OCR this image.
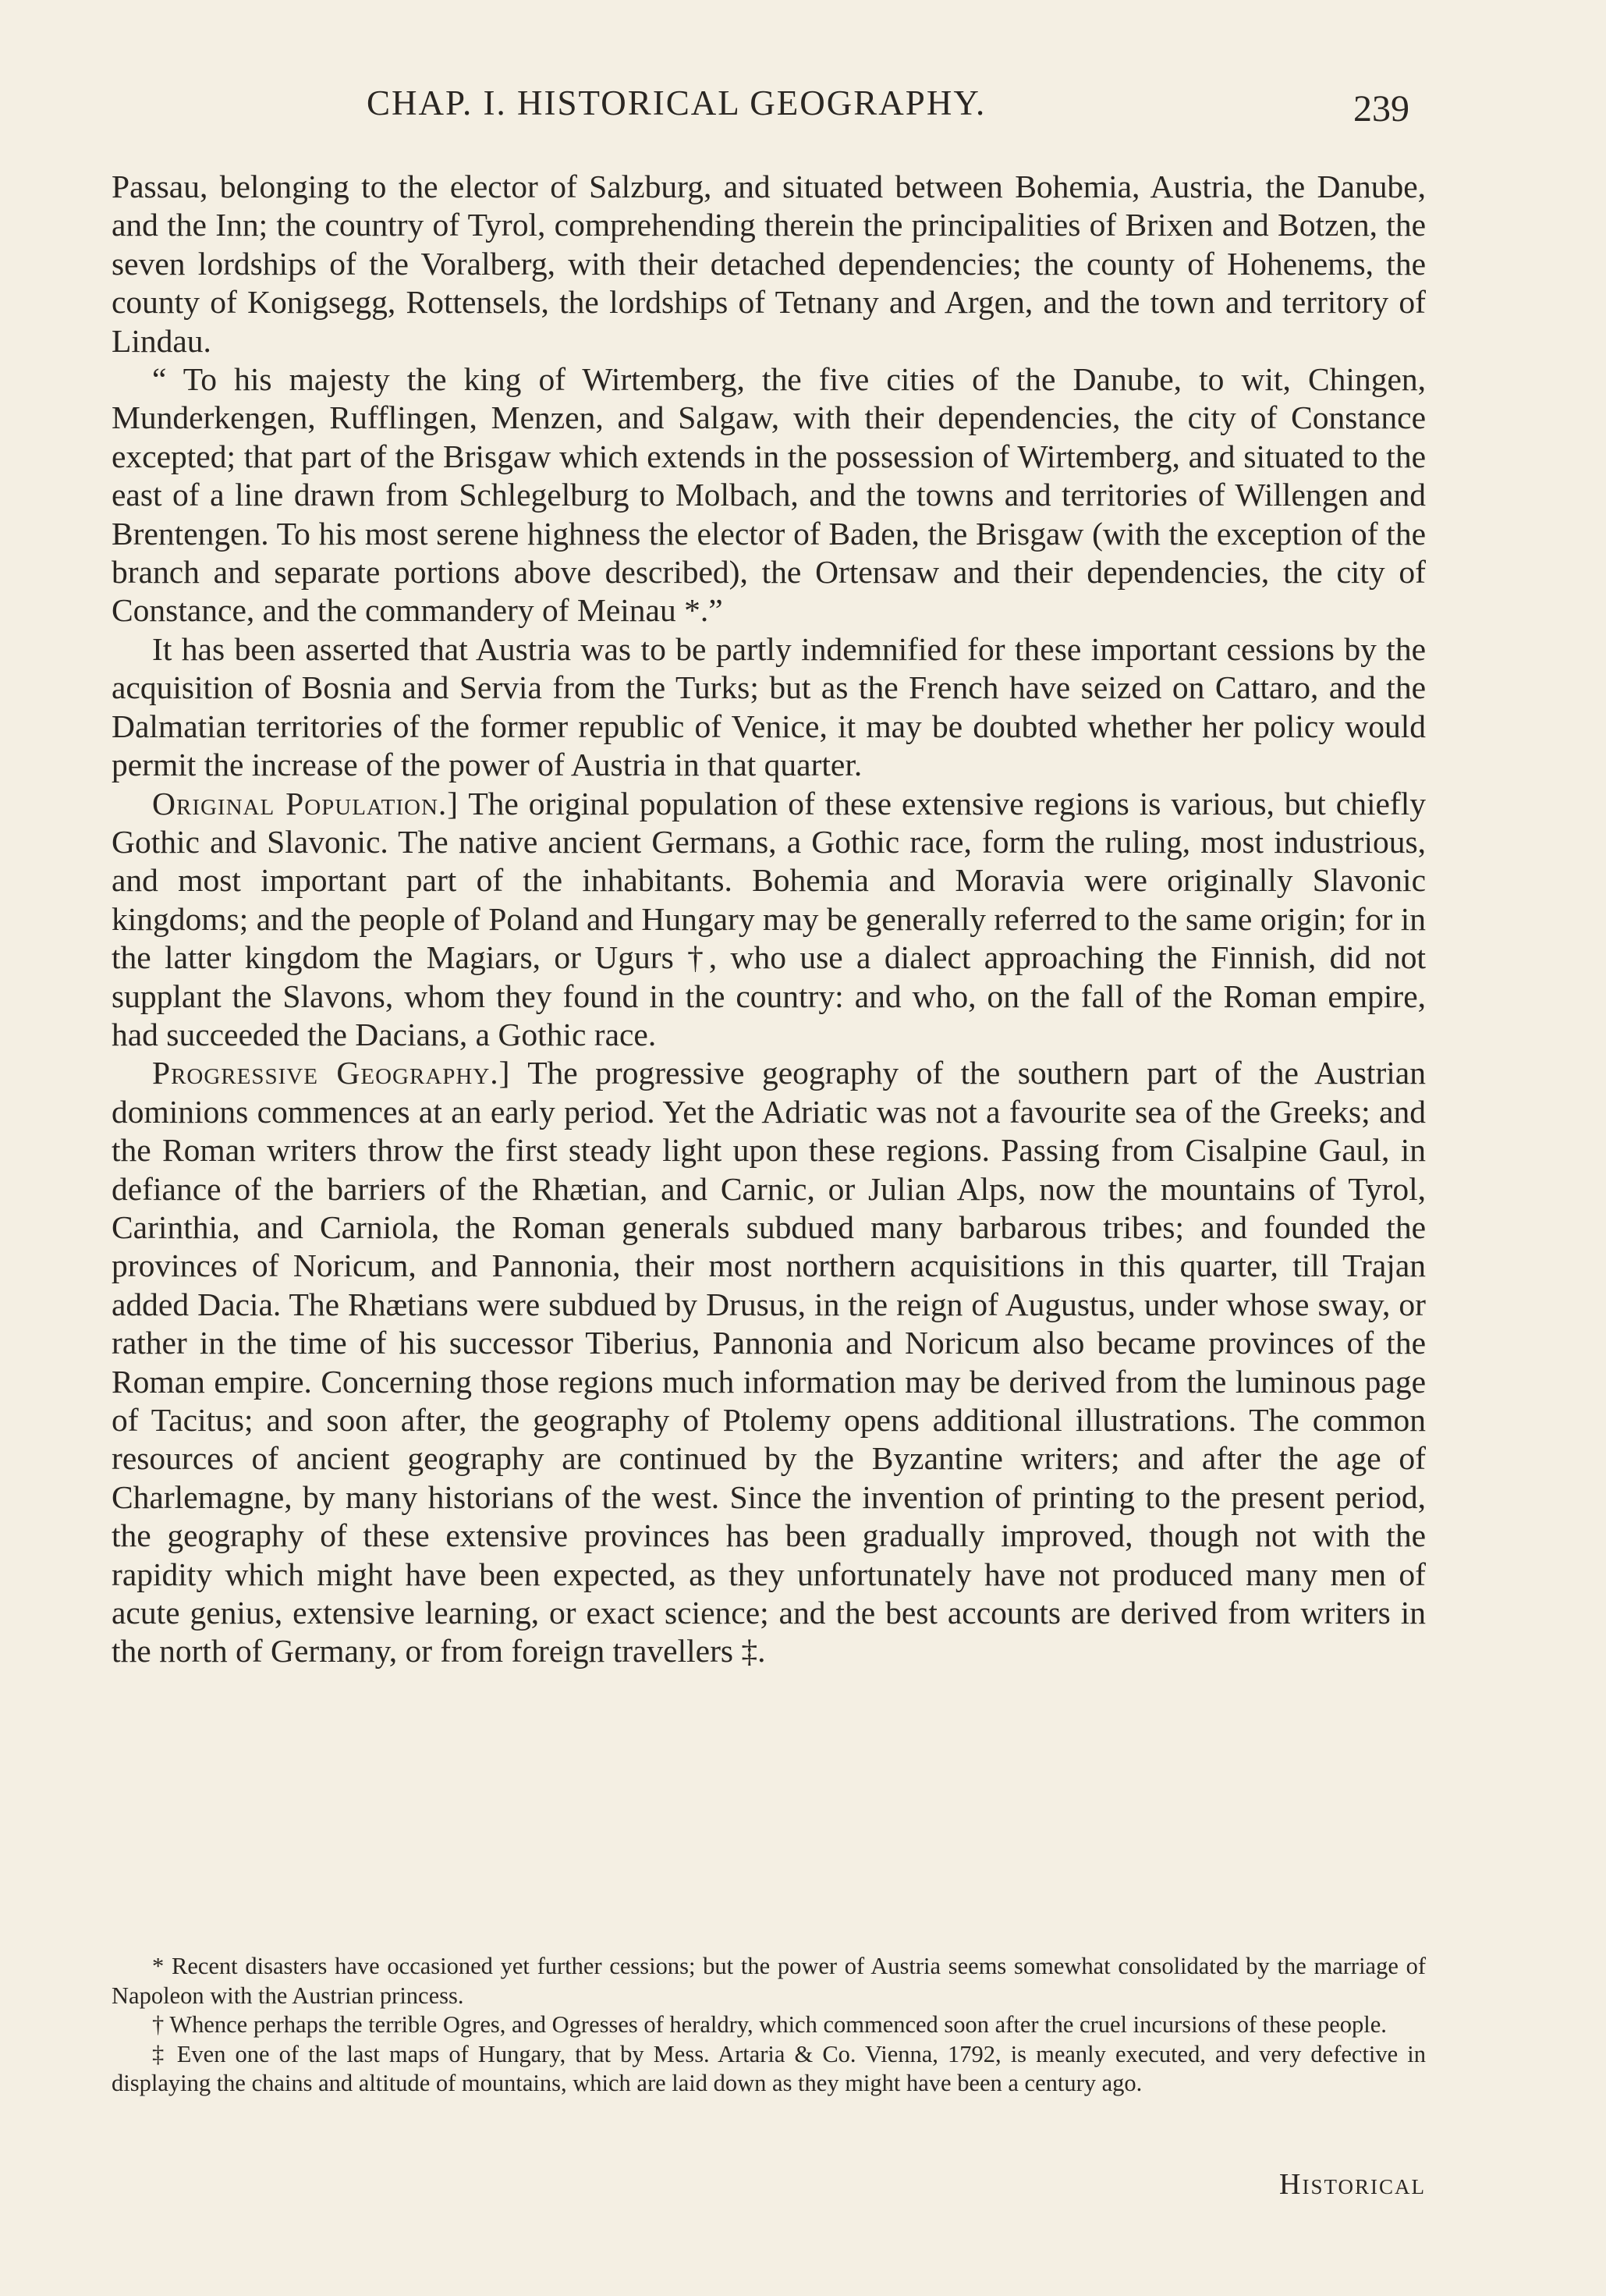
CHAP. I. HISTORICAL GEOGRAPHY.	239

Passau, belonging to the elector of Salzburg, and situated between Bohemia, Austria, the Danube, and the Inn; the country of Tyrol, comprehending therein the principalities of Brixen and Botzen, the seven lordships of the Voralberg, with their detached dependencies; the county of Hohenems, the county of Konigsegg, Rottensels, the lordships of Tetnany and Argen, and the town and territory of Lindau.

“ To his majesty the king of Wirtemberg, the five cities of the Danube, to wit, Chingen, Munderkengen, Rufflingen, Menzen, and Salgaw, with their dependencies, the city of Constance excepted; that part of the Brisgaw which extends in the possession of Wirtemberg, and situated to the east of a line drawn from Schlegelburg to Molbach, and the towns and territories of Willengen and Brentengen. To his most serene highness the elector of Baden, the Brisgaw (with the exception of the branch and separate portions above described), the Ortensaw and their dependencies, the city of Constance, and the commandery of Meinau *.”

It has been asserted that Austria was to be partly indemnified for these important cessions by the acquisition of Bosnia and Servia from the Turks; but as the French have seized on Cattaro, and the Dalmatian territories of the former republic of Venice, it may be doubted whether her policy would permit the increase of the power of Austria in that quarter.

Original Population.] The original population of these extensive regions is various, but chiefly Gothic and Slavonic. The native ancient Germans, a Gothic race, form the ruling, most industrious, and most important part of the inhabitants. Bohemia and Moravia were originally Slavonic kingdoms; and the people of Poland and Hungary may be generally referred to the same origin; for in the latter kingdom the Magiars, or Ugurs †, who use a dialect approaching the Finnish, did not supplant the Slavons, whom they found in the country: and who, on the fall of the Roman empire, had succeeded the Dacians, a Gothic race.

Progressive Geography.] The progressive geography of the southern part of the Austrian dominions commences at an early period. Yet the Adriatic was not a favourite sea of the Greeks; and the Roman writers throw the first steady light upon these regions. Passing from Cisalpine Gaul, in defiance of the barriers of the Rhætian, and Carnic, or Julian Alps, now the mountains of Tyrol, Carinthia, and Carniola, the Roman generals subdued many barbarous tribes; and founded the provinces of Noricum, and Pannonia, their most northern acquisitions in this quarter, till Trajan added Dacia. The Rhætians were subdued by Drusus, in the reign of Augustus, under whose sway, or rather in the time of his successor Tiberius, Pannonia and Noricum also became provinces of the Roman empire. Concerning those regions much information may be derived from the luminous page of Tacitus; and soon after, the geography of Ptolemy opens additional illustrations. The common resources of ancient geography are continued by the Byzantine writers; and after the age of Charlemagne, by many historians of the west. Since the invention of printing to the present period, the geography of these extensive provinces has been gradually improved, though not with the rapidity which might have been expected, as they unfortunately have not produced many men of acute genius, extensive learning, or exact science; and the best accounts are derived from writers in the north of Germany, or from foreign travellers ‡.

* Recent disasters have occasioned yet further cessions; but the power of Austria seems somewhat consolidated by the marriage of Napoleon with the Austrian princess.

† Whence perhaps the terrible Ogres, and Ogresses of heraldry, which commenced soon after the cruel incursions of these people.

‡ Even one of the last maps of Hungary, that by Mess. Artaria & Co. Vienna, 1792, is meanly executed, and very defective in displaying the chains and altitude of mountains, which are laid down as they might have been a century ago.

Historical
